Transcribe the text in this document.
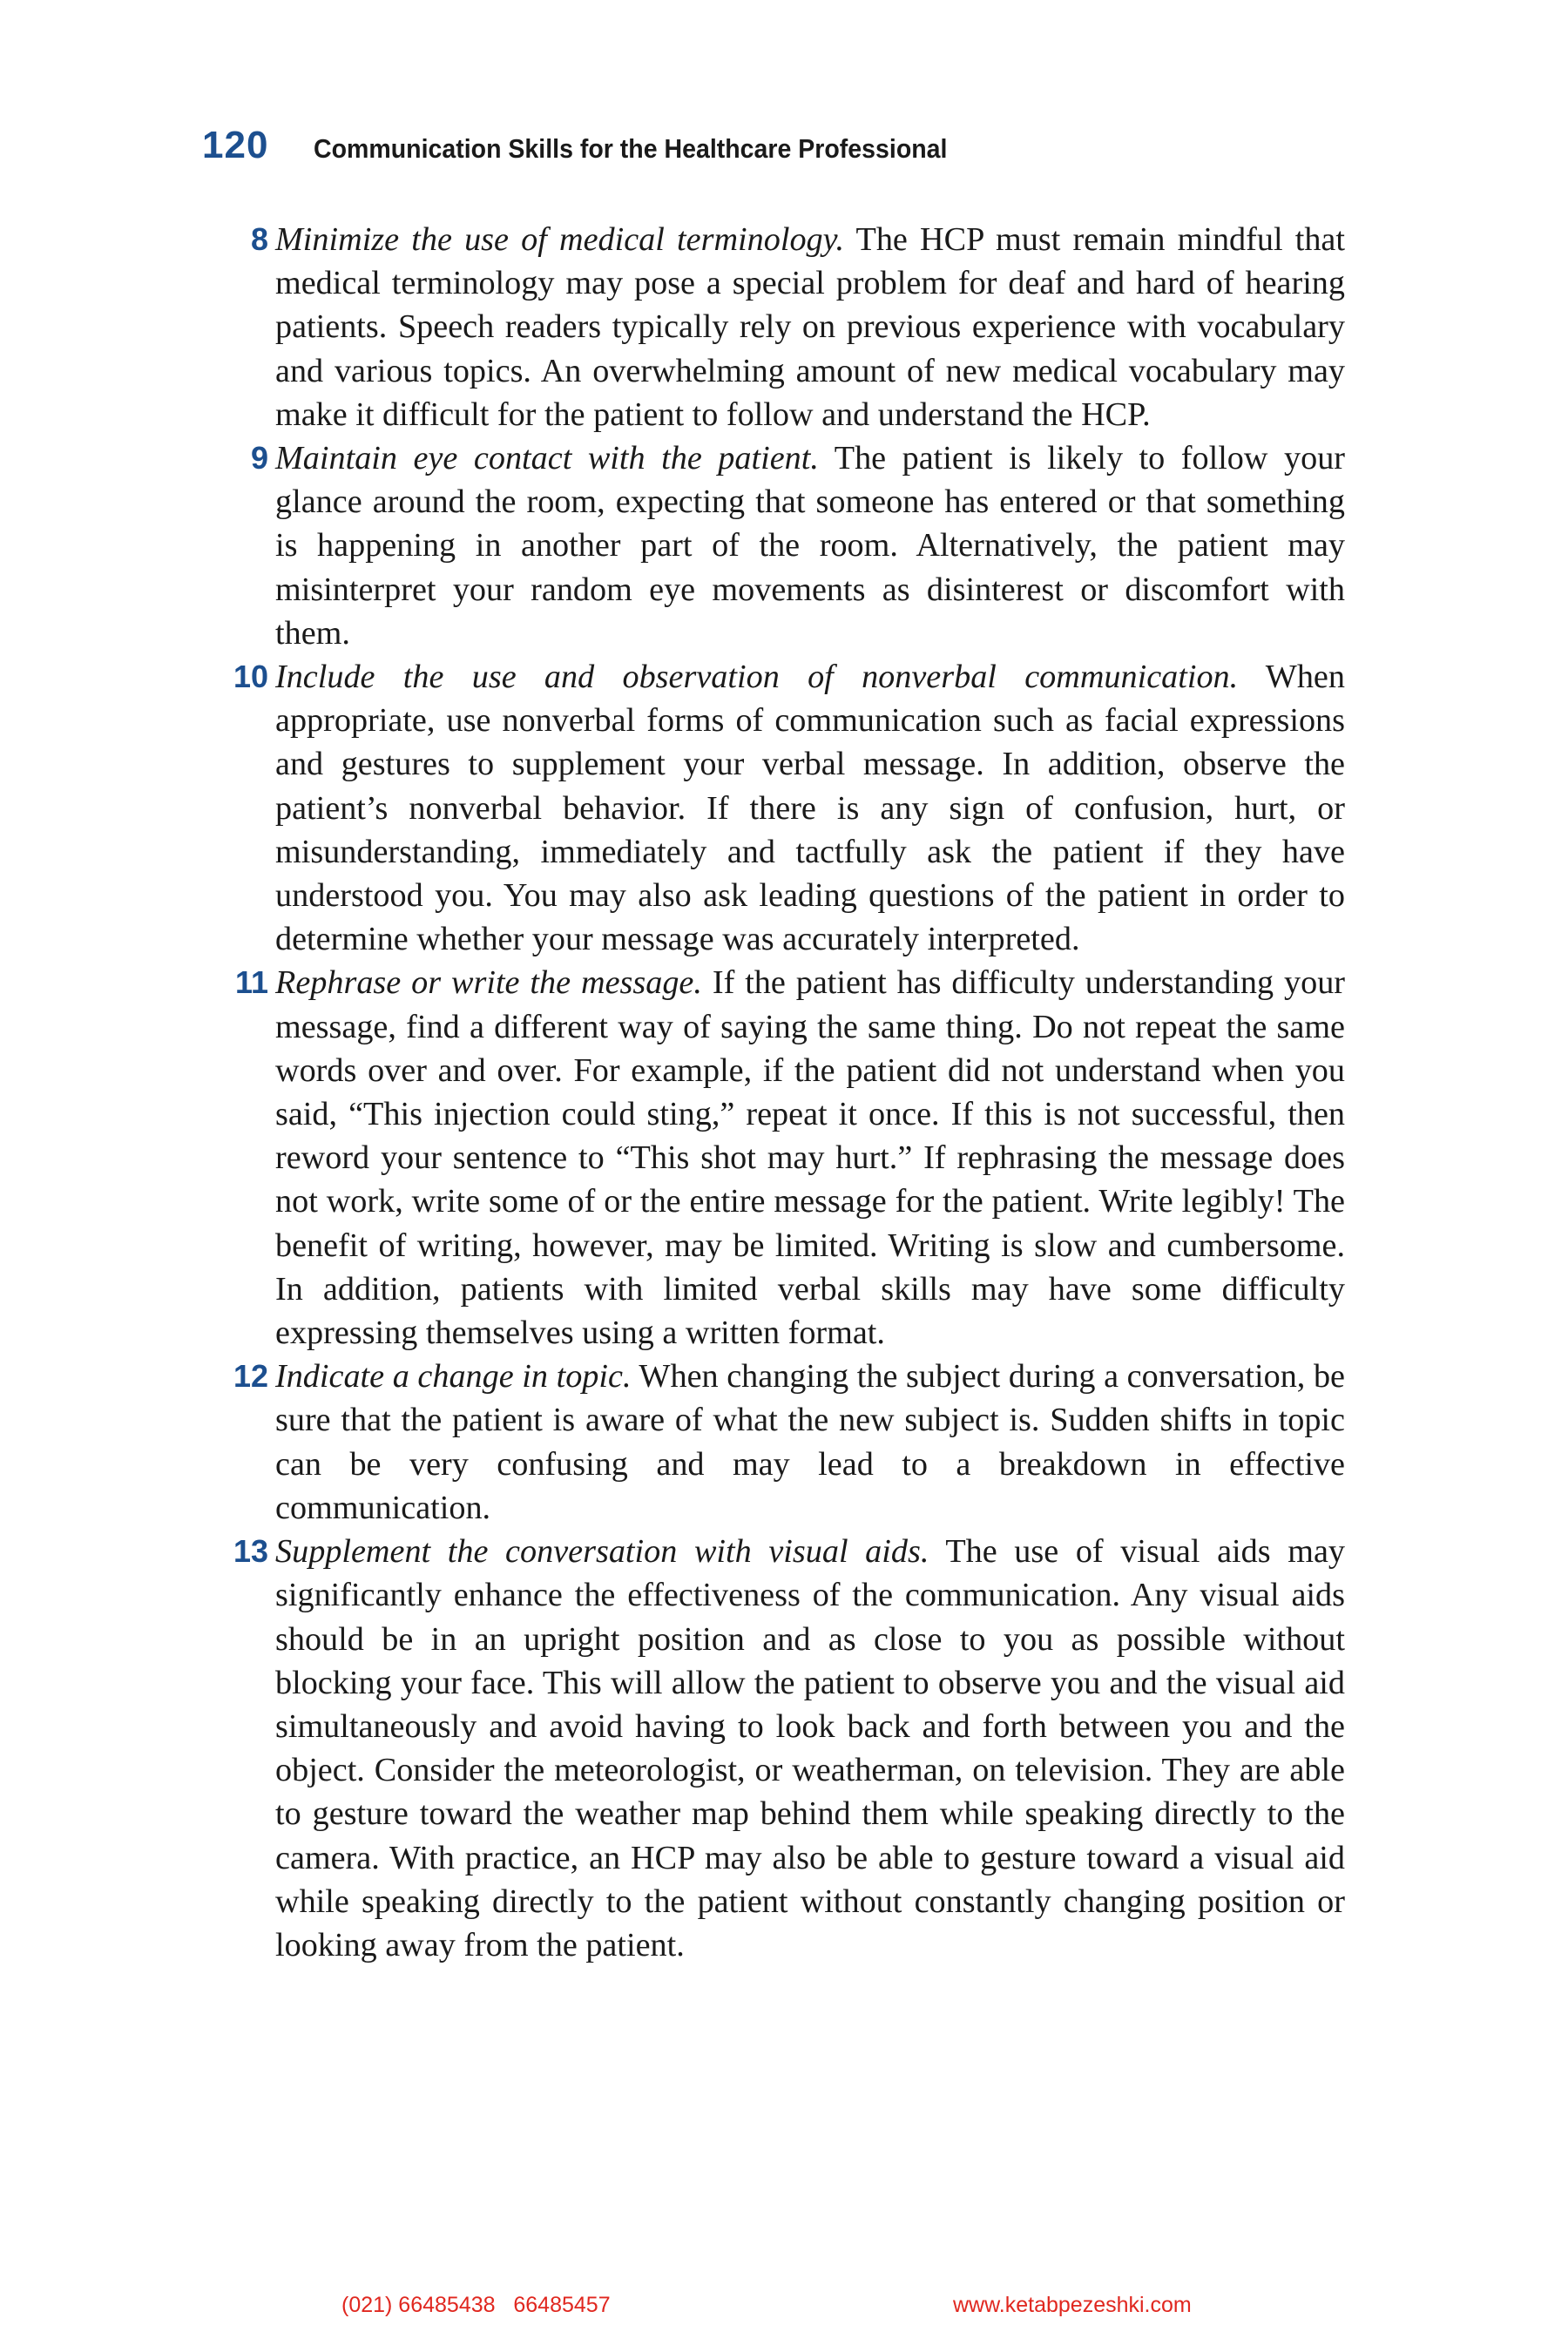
120 Communication Skills for the Healthcare Professional
8 Minimize the use of medical terminology. The HCP must remain mindful that medical terminology may pose a special problem for deaf and hard of hearing patients. Speech readers typically rely on previous experience with vocabulary and various topics. An overwhelming amount of new medical vocabulary may make it difficult for the patient to follow and understand the HCP.
9 Maintain eye contact with the patient. The patient is likely to follow your glance around the room, expecting that someone has entered or that something is happening in another part of the room. Alternatively, the patient may misinterpret your random eye movements as disinterest or discomfort with them.
10 Include the use and observation of nonverbal communication. When appropriate, use nonverbal forms of communication such as facial expressions and gestures to supplement your verbal message. In addition, observe the patient’s nonverbal behavior. If there is any sign of confusion, hurt, or misunderstanding, immediately and tactfully ask the patient if they have understood you. You may also ask leading questions of the patient in order to determine whether your message was accurately interpreted.
11 Rephrase or write the message. If the patient has difficulty understanding your message, find a different way of saying the same thing. Do not repeat the same words over and over. For example, if the patient did not understand when you said, “This injection could sting,” repeat it once. If this is not successful, then reword your sentence to “This shot may hurt.” If rephrasing the message does not work, write some of or the entire message for the patient. Write legibly! The benefit of writing, however, may be limited. Writing is slow and cumbersome. In addition, patients with limited verbal skills may have some difficulty expressing themselves using a written format.
12 Indicate a change in topic. When changing the subject during a conversation, be sure that the patient is aware of what the new subject is. Sudden shifts in topic can be very confusing and may lead to a breakdown in effective communication.
13 Supplement the conversation with visual aids. The use of visual aids may significantly enhance the effectiveness of the communication. Any visual aids should be in an upright position and as close to you as possible without blocking your face. This will allow the patient to observe you and the visual aid simultaneously and avoid having to look back and forth between you and the object. Consider the meteorologist, or weatherman, on television. They are able to gesture toward the weather map behind them while speaking directly to the camera. With practice, an HCP may also be able to gesture toward a visual aid while speaking directly to the patient without constantly changing position or looking away from the patient.
(021) 66485438   66485457	www.ketabpezeshki.com
